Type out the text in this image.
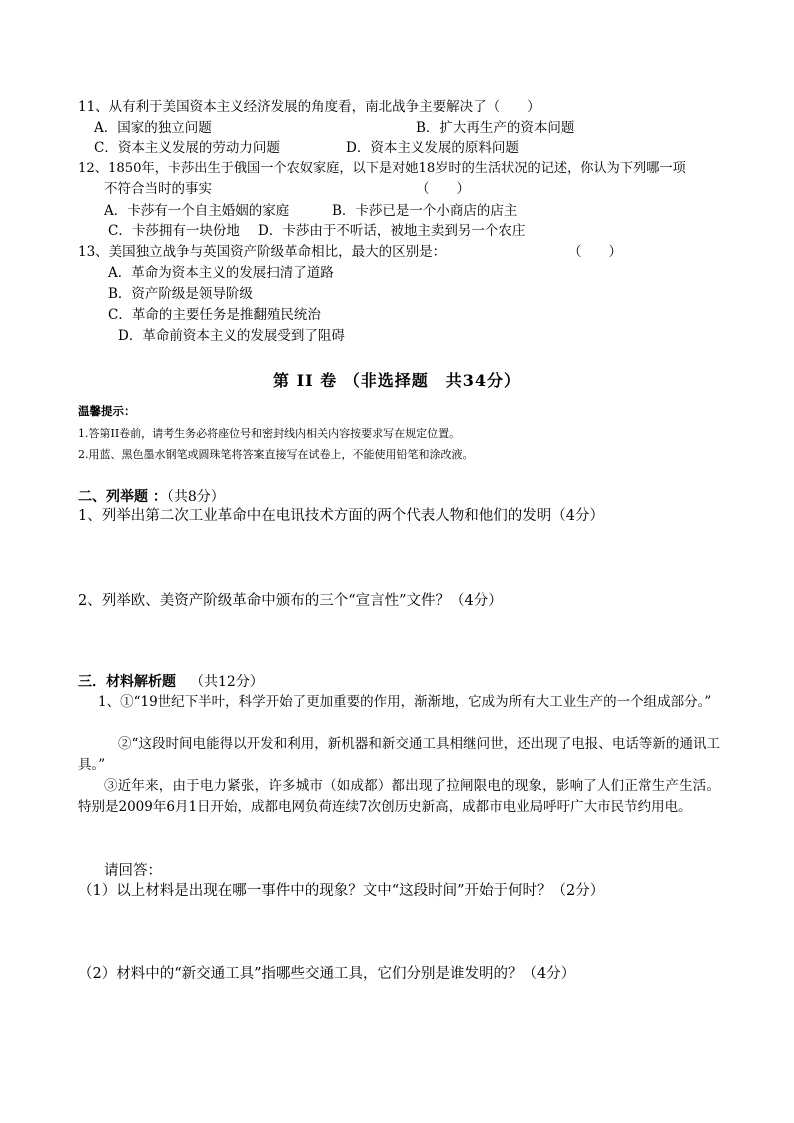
11、从有利于美国资本主义经济发展的角度看，南北战争主要解决了（　　）
A．国家的独立问题	B．扩大再生产的资本问题
C．资本主义发展的劳动力问题	D．资本主义发展的原料问题
12、1850年，卡莎出生于俄国一个农奴家庭，以下是对她18岁时的生活状况的记述，你认为下列哪一项
不符合当时的事实	（　　）
A．卡莎有一个自主婚姻的家庭	B．卡莎已是一个小商店的店主
C．卡莎拥有一块份地 D．卡莎由于不听话，被地主卖到另一个农庄
13、美国独立战争与英国资产阶级革命相比，最大的区别是：	（　　）
A．革命为资本主义的发展扫清了道路
B．资产阶级是领导阶级
C．革命的主要任务是推翻殖民统治
D．革命前资本主义的发展受到了阻碍
第 II 卷 （非选择题　共34分）
温馨提示：
1.答第II卷前，请考生务必将座位号和密封线内相关内容按要求写在规定位置。
2.用蓝、黑色墨水钢笔或圆珠笔将答案直接写在试卷上，不能使用铅笔和涂改液。
二、列举题 ：（共8分）
1、列举出第二次工业革命中在电讯技术方面的两个代表人物和他们的发明（4分）
2、列举欧、美资产阶级革命中颁布的三个“宣言性”文件？（4分）
三．材料解析题 （共12分）
1、①“19世纪下半叶，科学开始了更加重要的作用，渐渐地，它成为所有大工业生产的一个组成部分。”
②“这段时间电能得以开发和利用，新机器和新交通工具相继问世，还出现了电报、电话等新的通讯工具。”
③近年来，由于电力紧张，许多城市（如成都）都出现了拉闸限电的现象，影响了人们正常生产生活。特别是2009年6月1日开始，成都电网负荷连续7次创历史新高，成都市电业局呼吁广大市民节约用电。
请回答：
（1）以上材料是出现在哪一事件中的现象？文中“这段时间”开始于何时？（2分）
（2）材料中的“新交通工具”指哪些交通工具，它们分别是谁发明的？（4分）
